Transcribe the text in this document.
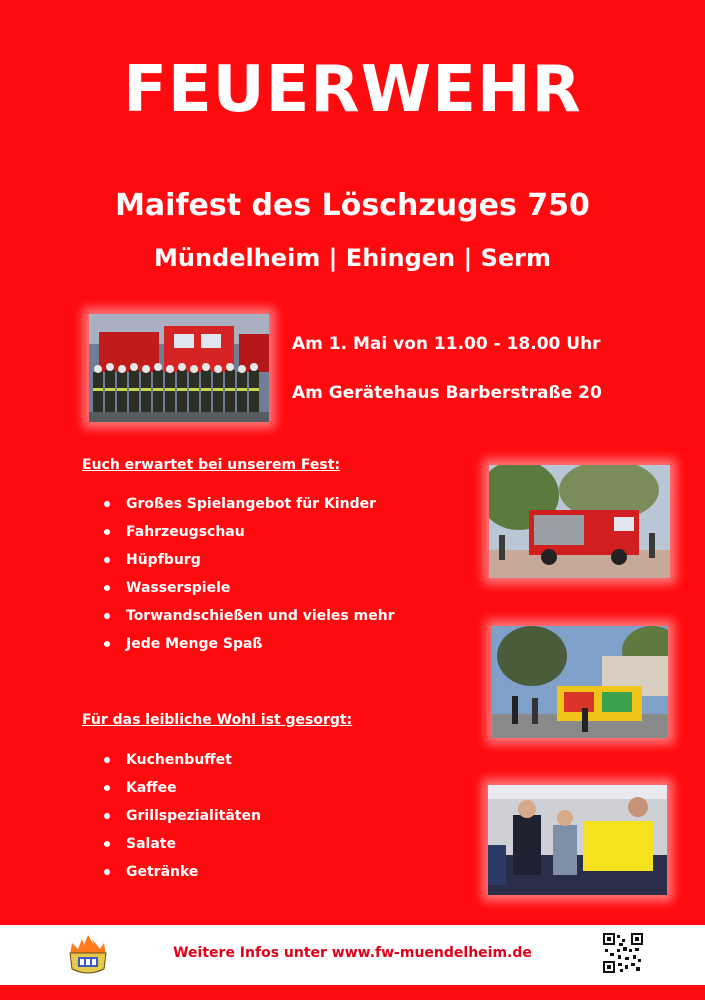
FEUERWEHR
Maifest des Löschzuges 750
Mündelheim | Ehingen | Serm
Am 1. Mai von 11.00 - 18.00 Uhr
Am Gerätehaus Barberstraße 20
Euch erwartet bei unserem Fest:
Großes Spielangebot für Kinder
Fahrzeugschau
Hüpfburg
Wasserspiele
Torwandschießen und vieles mehr
Jede Menge Spaß
Für das leibliche Wohl ist gesorgt:
Kuchenbuffet
Kaffee
Grillspezialitäten
Salate
Getränke
Weitere Infos unter www.fw-muendelheim.de
